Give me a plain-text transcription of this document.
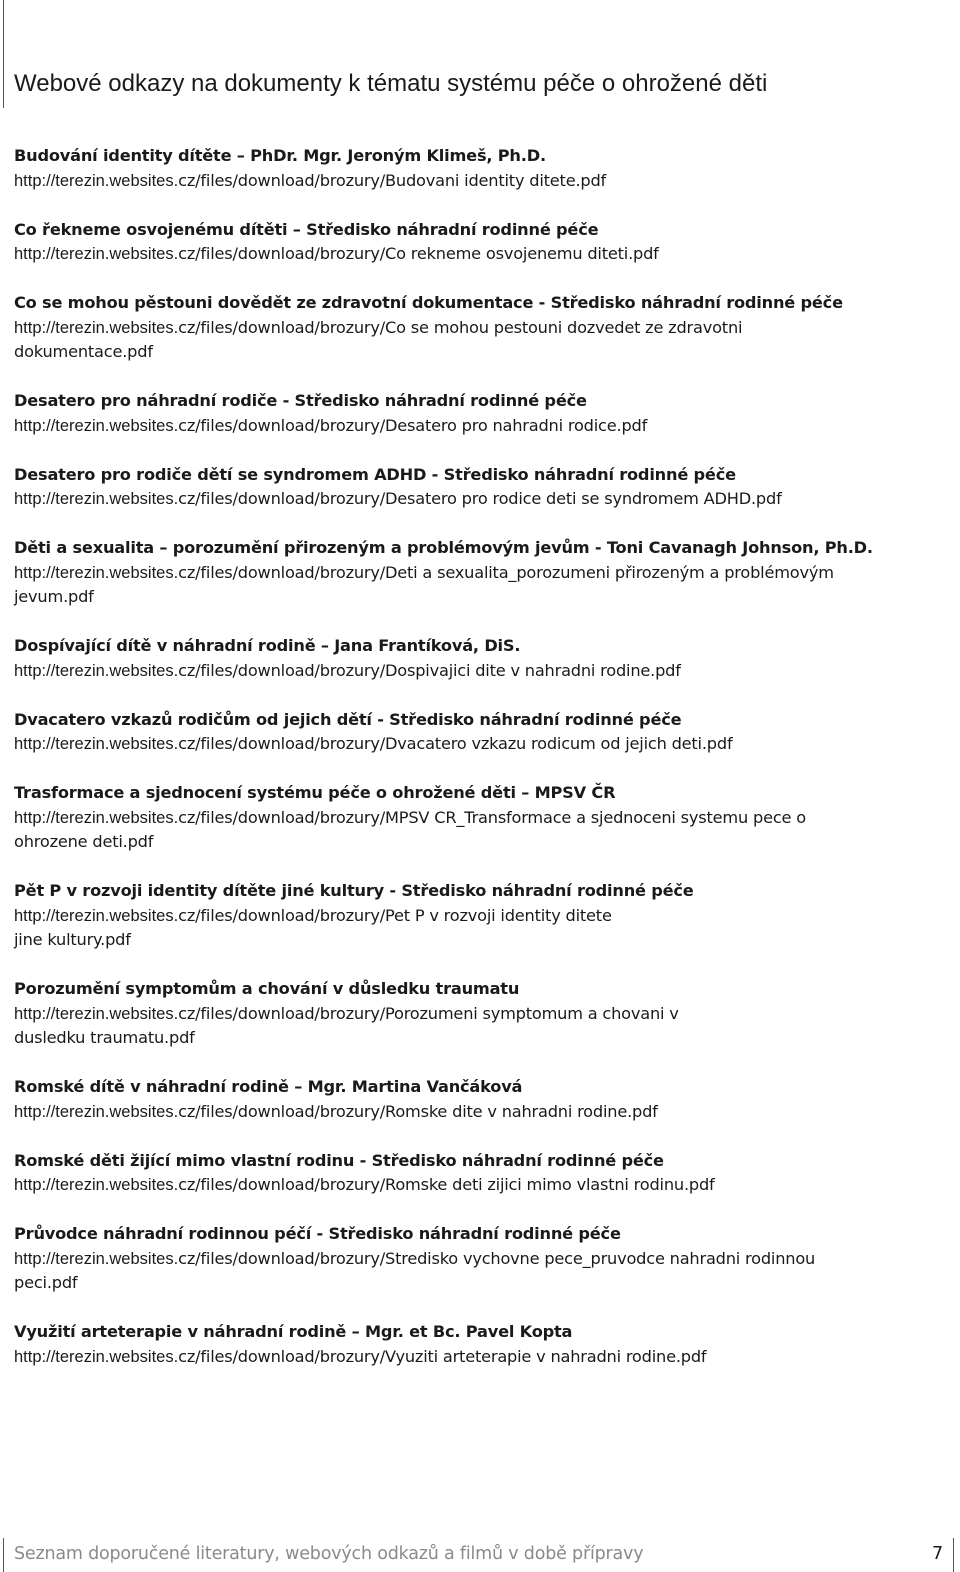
Webové odkazy na dokumenty k tématu systému péče o ohrožené děti
Budování identity dítěte – PhDr. Mgr. Jeroným Klimeš, Ph.D.
http://terezin.websites.cz/files/download/brozury/Budovani identity ditete.pdf
Co řekneme osvojenému dítěti – Středisko náhradní rodinné péče
http://terezin.websites.cz/files/download/brozury/Co rekneme osvojenemu diteti.pdf
Co se mohou pěstouni dovědět ze zdravotní dokumentace - Středisko náhradní rodinné péče
http://terezin.websites.cz/files/download/brozury/Co se mohou pestouni dozvedet ze zdravotni
dokumentace.pdf
Desatero pro náhradní rodiče - Středisko náhradní rodinné péče
http://terezin.websites.cz/files/download/brozury/Desatero pro nahradni rodice.pdf
Desatero pro rodiče dětí se syndromem ADHD - Středisko náhradní rodinné péče
http://terezin.websites.cz/files/download/brozury/Desatero pro rodice deti se syndromem ADHD.pdf
Děti a sexualita – porozumění přirozeným a problémovým jevům - Toni Cavanagh Johnson, Ph.D.
http://terezin.websites.cz/files/download/brozury/Deti a sexualita_porozumeni přirozeným a problémovým
jevum.pdf
Dospívající dítě v náhradní rodině – Jana Frantíková, DiS.
http://terezin.websites.cz/files/download/brozury/Dospivajici dite v nahradni rodine.pdf
Dvacatero vzkazů rodičům od jejich dětí - Středisko náhradní rodinné péče
http://terezin.websites.cz/files/download/brozury/Dvacatero vzkazu rodicum od jejich deti.pdf
Trasformace a sjednocení systému péče o ohrožené děti – MPSV ČR
http://terezin.websites.cz/files/download/brozury/MPSV CR_Transformace a sjednoceni systemu pece o
ohrozene deti.pdf
Pět P v rozvoji identity dítěte jiné kultury - Středisko náhradní rodinné péče
http://terezin.websites.cz/files/download/brozury/Pet P v rozvoji identity ditete
jine kultury.pdf
Porozumění symptomům a chování v důsledku traumatu
http://terezin.websites.cz/files/download/brozury/Porozumeni symptomum a chovani v
dusledku traumatu.pdf
Romské dítě v náhradní rodině – Mgr. Martina Vančáková
http://terezin.websites.cz/files/download/brozury/Romske dite v nahradni rodine.pdf
Romské děti žijící mimo vlastní rodinu - Středisko náhradní rodinné péče
http://terezin.websites.cz/files/download/brozury/Romske deti zijici mimo vlastni rodinu.pdf
Průvodce náhradní rodinnou péčí - Středisko náhradní rodinné péče
http://terezin.websites.cz/files/download/brozury/Stredisko vychovne pece_pruvodce nahradni rodinnou
peci.pdf
Využití arteterapie v náhradní rodině – Mgr. et Bc. Pavel Kopta
http://terezin.websites.cz/files/download/brozury/Vyuziti arteterapie v nahradni rodine.pdf
Seznam doporučené literatury, webových odkazů a filmů v době přípravy	7
